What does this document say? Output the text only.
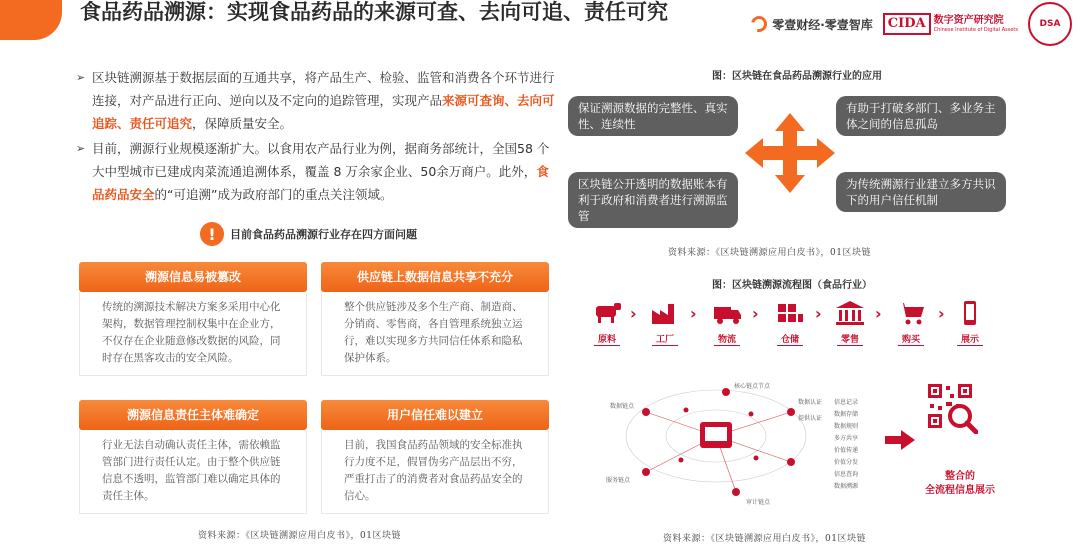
食品药品溯源：实现食品药品的来源可查、去向可追、责任可究
零壹财经·零壹智库	CIDA 数字资产研究院
Chinese Institute of Digital Assets
DSA

➢ 区块链溯源基于数据层面的互通共享，将产品生产、检验、监管和消费各个环节进行连接，对产品进行正向、逆向以及不定向的追踪管理，实现产品来源可查询、去向可追踪、责任可追究，保障质量安全。

➢ 目前，溯源行业规模逐渐扩大。以食用农产品行业为例，据商务部统计，全国58 个大中型城市已建成肉菜流通追溯体系，覆盖 8 万余家企业、50余万商户。此外，食品药品安全的“可追溯”成为政府部门的重点关注领域。

!	目前食品药品溯源行业存在四方面问题
溯源信息易被篡改
传统的溯源技术解决方案多采用中心化架构，数据管理控制权集中在企业方，不仅存在企业随意修改数据的风险，同时存在黑客攻击的安全风险。
供应链上数据信息共享不充分
整个供应链涉及多个生产商、制造商、分销商、零售商，各自管理系统独立运行，难以实现多方共同信任体系和隐私保护体系。
溯源信息责任主体难确定
行业无法自动确认责任主体，需依赖监管部门进行责任认定。由于整个供应链信息不透明，监管部门难以确定具体的责任主体。
用户信任难以建立
目前，我国食品药品领域的安全标准执行力度不足，假冒伪劣产品层出不穷，严重打击了的消费者对食品药品安全的信心。
资料来源：《区块链溯源应用白皮书》，01区块链
图：区块链在食品药品溯源行业的应用
保证溯源数据的完整性、真实性、连续性
有助于打破多部门、多业务主体之间的信息孤岛
区块链公开透明的数据账本有利于政府和消费者进行溯源监管
为传统溯源行业建立多方共识下的用户信任机制
资料来源：《区块链溯源应用白皮书》，01区块链
图：区块链溯源流程图（食品行业）
原料
›
工厂
›
物流
›
仓储
›
零售
›
购买
›
展示
核心链点节点
数据链点
数据认证
提供认证
审计链点
服务链点
信息记录
数据存储
数据规则
多方共享
价值传递
价值分发
信息查询
数据溯源
整合的
全流程信息展示
资料来源：《区块链溯源应用白皮书》，01区块链
